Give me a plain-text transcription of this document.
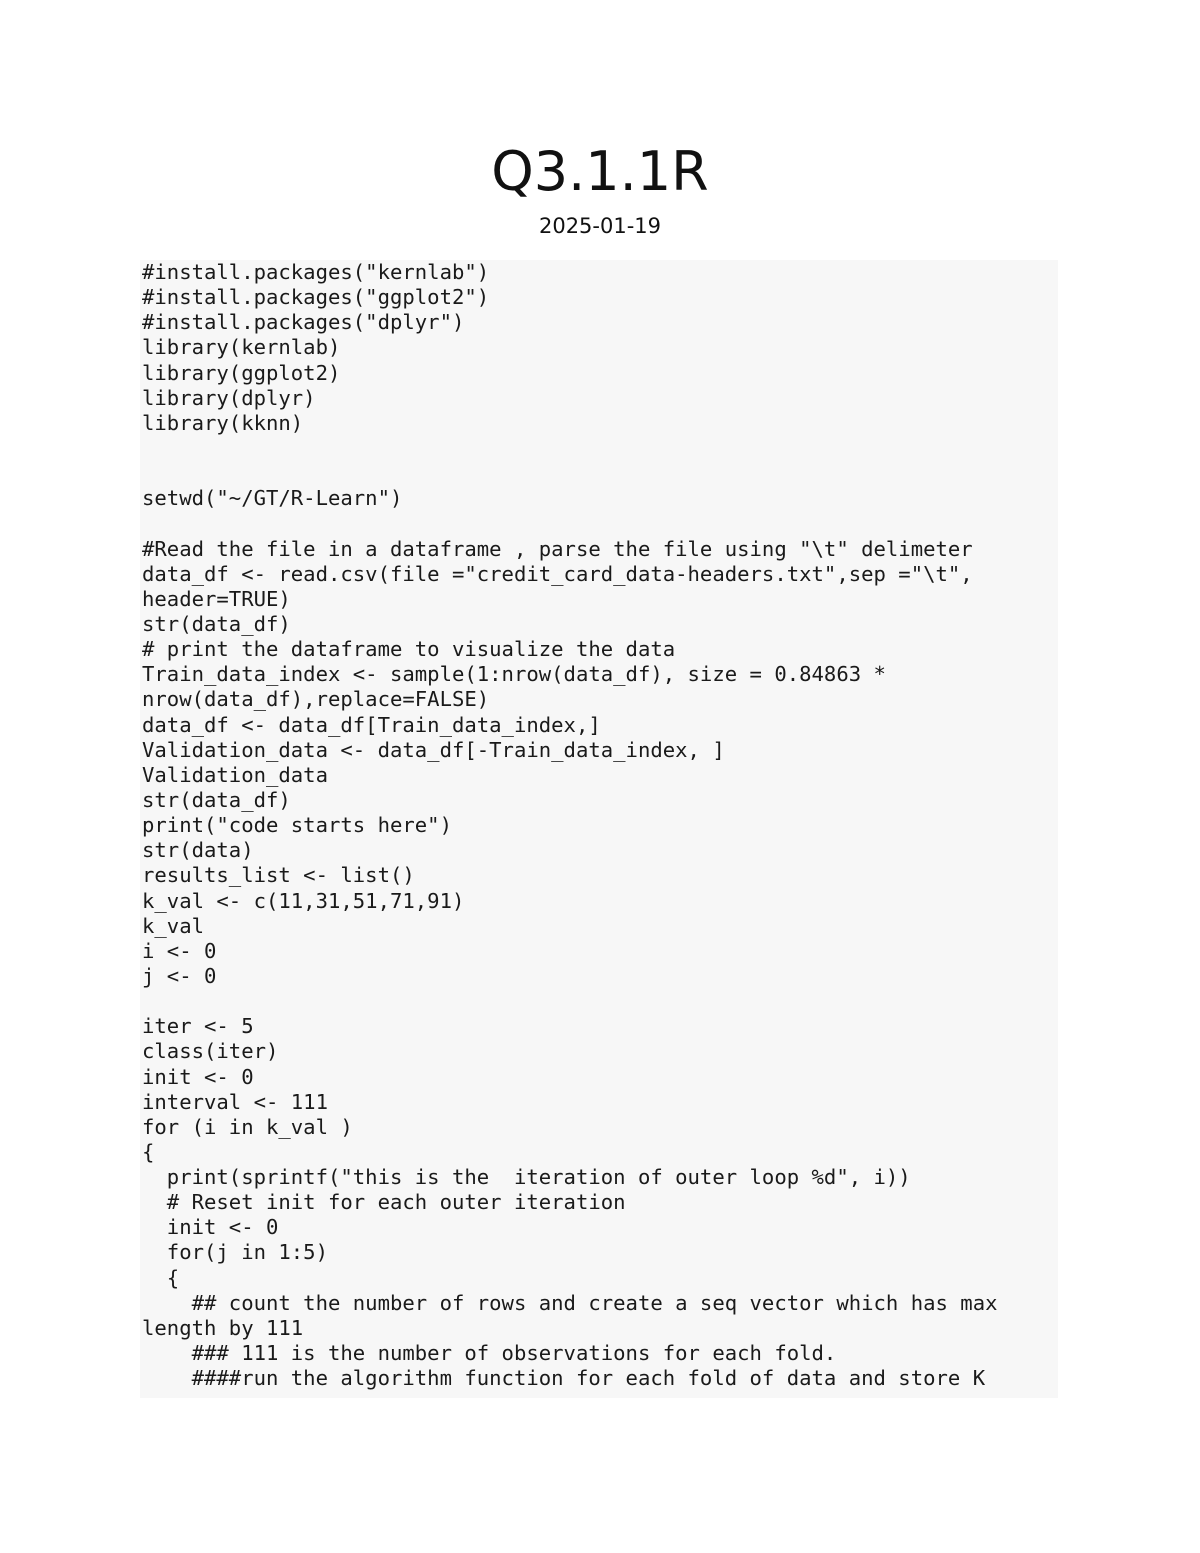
Q3.1.1R
2025-01-19
#install.packages("kernlab")
#install.packages("ggplot2")
#install.packages("dplyr")
library(kernlab)
library(ggplot2)
library(dplyr)
library(kknn)
setwd("~/GT/R-Learn")
#Read the file in a dataframe , parse the file using "\t" delimeter
data_df <- read.csv(file ="credit_card_data-headers.txt",sep ="\t",
header=TRUE)
str(data_df)
# print the dataframe to visualize the data
Train_data_index <- sample(1:nrow(data_df), size = 0.84863 *
nrow(data_df),replace=FALSE)
data_df <- data_df[Train_data_index,]
Validation_data <- data_df[-Train_data_index, ]
Validation_data
str(data_df)
print("code starts here")
str(data)
results_list <- list()
k_val <- c(11,31,51,71,91)
k_val
i <- 0
j <- 0
iter <- 5
class(iter)
init <- 0
interval <- 111
for (i in k_val )
{
print(sprintf("this is the  iteration of outer loop %d", i))
# Reset init for each outer iteration
init <- 0
for(j in 1:5)
{
## count the number of rows and create a seq vector which has max
length by 111
### 111 is the number of observations for each fold.
####run the algorithm function for each fold of data and store K
